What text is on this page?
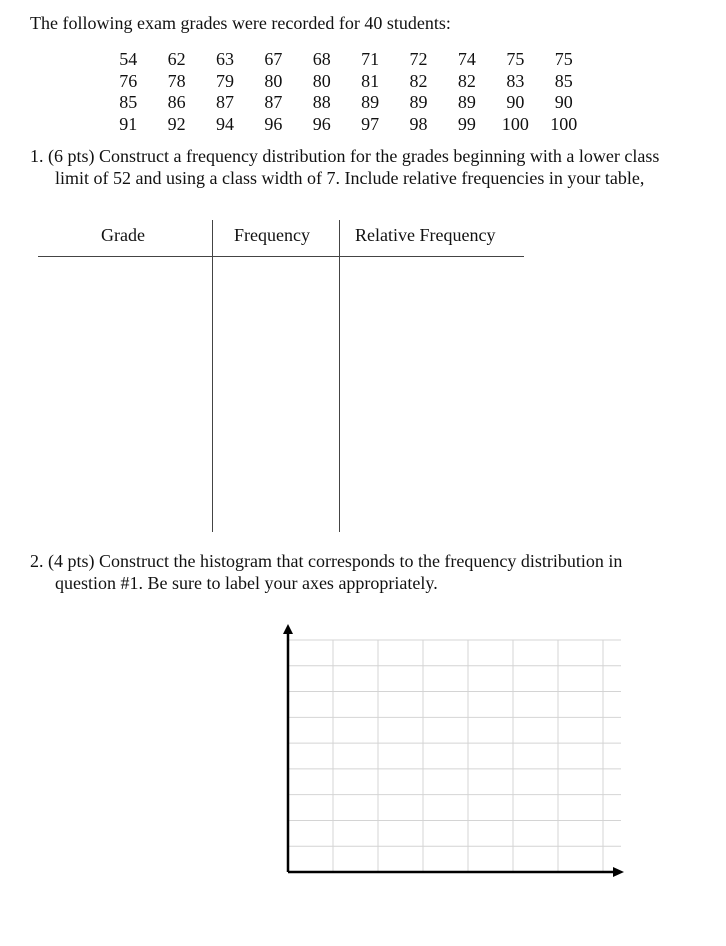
The following exam grades were recorded for 40 students:
54	62	63	67	68	71	72	74	75	75
76	78	79	80	80	81	82	82	83	85
85	86	87	87	88	89	89	89	90	90
91	92	94	96	96	97	98	99	100	100
1. (6 pts) Construct a frequency distribution for the grades beginning with a lower class
limit of 52 and using a class width of 7. Include relative frequencies in your table,
Grade	Frequency	Relative Frequency
2. (4 pts) Construct the histogram that corresponds to the frequency distribution in
question #1. Be sure to label your axes appropriately.
